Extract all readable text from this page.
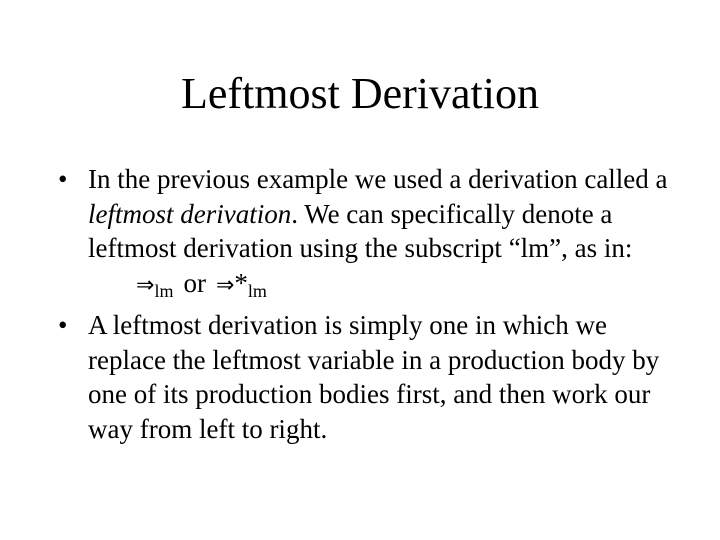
Leftmost Derivation
• In the previous example we used a derivation called a leftmost derivation. We can specifically denote a leftmost derivation using the subscript “lm”, as in:
$\Rightarrow_{lm}$ or $\Rightarrow*_{lm}$
• A leftmost derivation is simply one in which we replace the leftmost variable in a production body by one of its production bodies first, and then work our way from left to right.
